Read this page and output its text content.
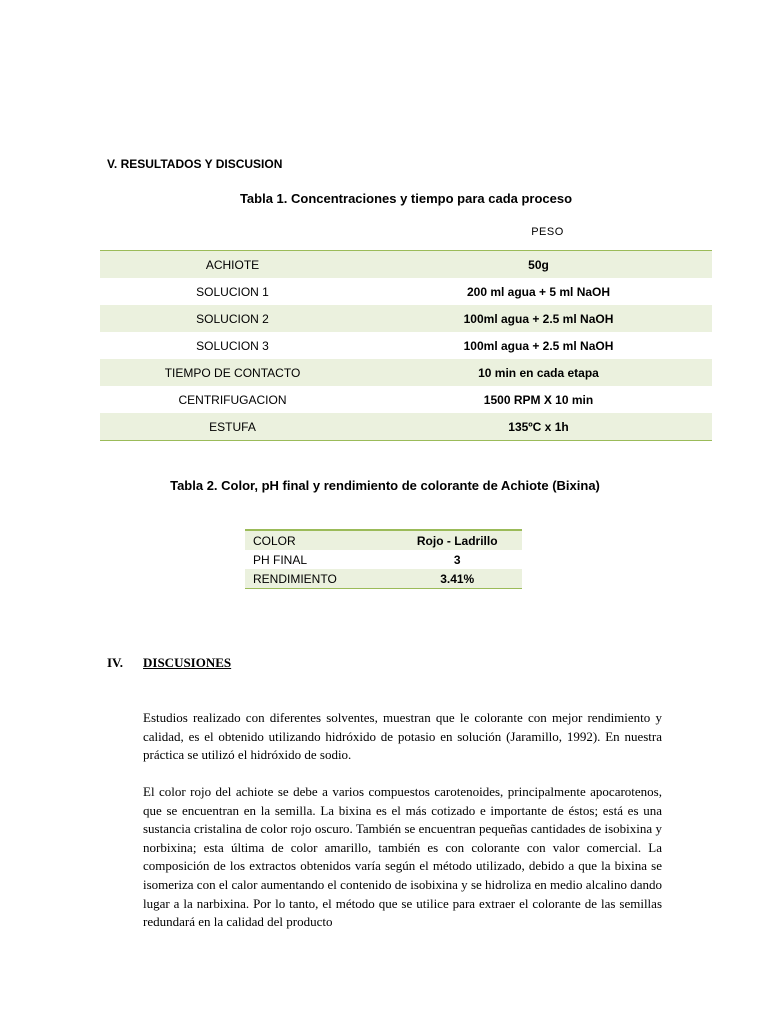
V. RESULTADOS Y DISCUSION
Tabla 1. Concentraciones y tiempo para cada proceso
PESO
ACHIOTE	50g
SOLUCION 1	200 ml agua + 5 ml NaOH
SOLUCION 2	100ml agua + 2.5 ml NaOH
SOLUCION 3	100ml agua + 2.5 ml NaOH
TIEMPO DE CONTACTO	10 min en cada etapa
CENTRIFUGACION	1500 RPM X 10 min
ESTUFA	135ºC x 1h
Tabla 2. Color, pH final y rendimiento de colorante de Achiote (Bixina)
COLOR	Rojo - Ladrillo
PH FINAL	3
RENDIMIENTO	3.41%
IV. DISCUSIONES
Estudios realizado con diferentes solventes, muestran que le colorante con mejor rendimiento y calidad, es el obtenido utilizando hidróxido de potasio en solución (Jaramillo, 1992). En nuestra práctica se utilizó el hidróxido de sodio.
El color rojo del achiote se debe a varios compuestos carotenoides, principalmente apocarotenos, que se encuentran en la semilla. La bixina es el más cotizado e importante de éstos; está es una sustancia cristalina de color rojo oscuro. También se encuentran pequeñas cantidades de isobixina y norbixina; esta última de color amarillo, también es con colorante con valor comercial. La composición de los extractos obtenidos varía según el método utilizado, debido a que la bixina se isomeriza con el calor aumentando el contenido de isobixina y se hidroliza en medio alcalino dando lugar a la narbixina. Por lo tanto, el método que se utilice para extraer el colorante de las semillas redundará en la calidad del producto
